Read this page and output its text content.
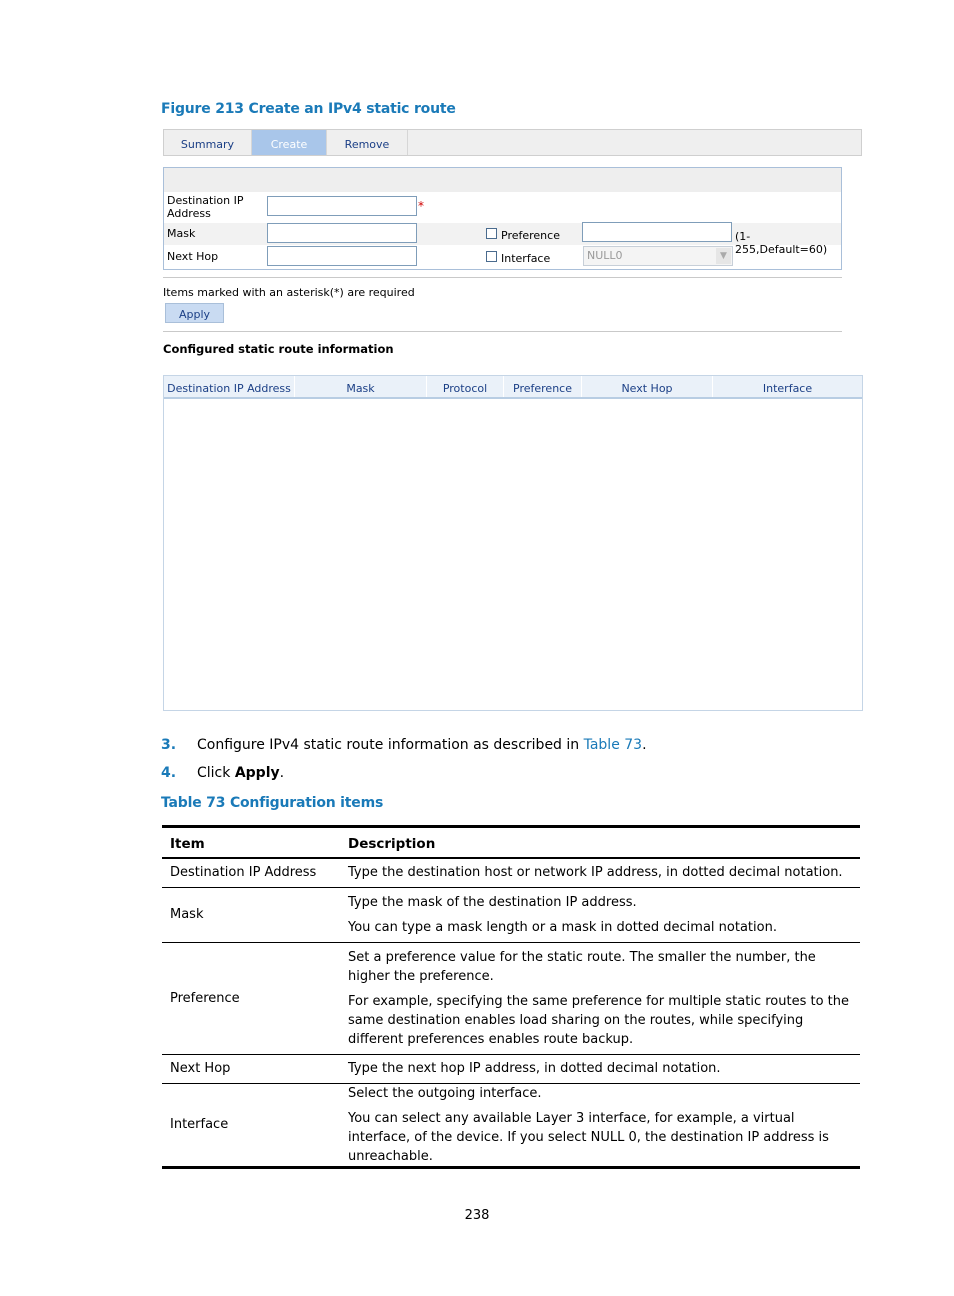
Figure 213 Create an IPv4 static route
Summary	Create	Remove
Destination IP Address
*
Mask	Preference	(1-255,Default=60)
Next Hop	Interface	NULL0	▼
Items marked with an asterisk(*) are required
Apply
Configured static route information
Destination IP Address	Mask	Protocol	Preference	Next Hop	Interface
3. Configure IPv4 static route information as described in Table 73.
4. Click Apply.
Table 73 Configuration items
Item	Description
Destination IP Address	Type the destination host or network IP address, in dotted decimal notation.

Mask	Type the mask of the destination IP address.

You can type a mask length or a mask in dotted decimal notation.

Preference	Set a preference value for the static route. The smaller the number, the higher the preference.

For example, specifying the same preference for multiple static routes to the same destination enables load sharing on the routes, while specifying different preferences enables route backup.

Next Hop	Type the next hop IP address, in dotted decimal notation.

Interface	Select the outgoing interface.

You can select any available Layer 3 interface, for example, a virtual interface, of the device. If you select NULL 0, the destination IP address is unreachable.

238
